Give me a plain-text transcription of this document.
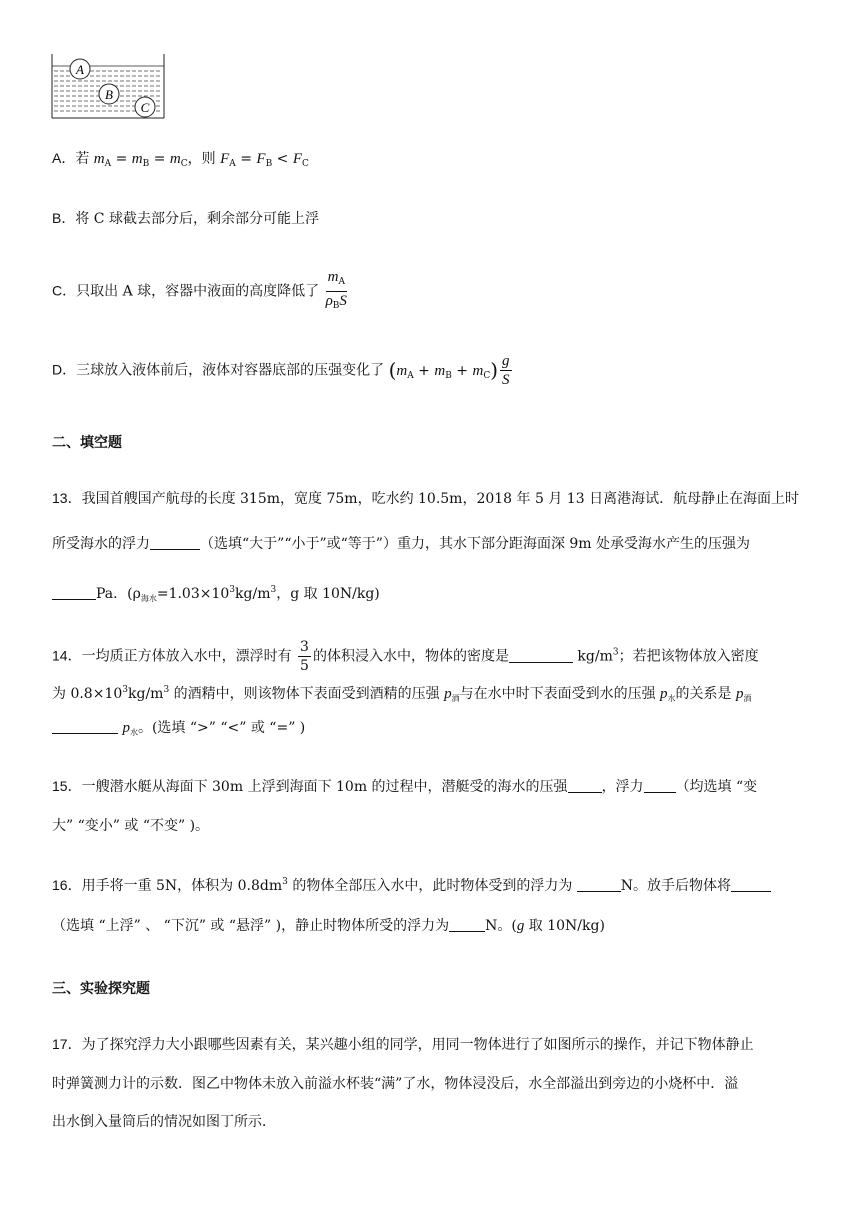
A
B
C
A．若 $m_A = m_B = m_C$，则 $F_A = F_B < F_C$
B．将 C 球截去部分后，剩余部分可能上浮
C．只取出 A 球，容器中液面的高度降低了 $\frac{m_A}{\rho_BS}$
D．三球放入液体前后，液体对容器底部的压强变化了 $(m_A + m_B + m_C) \frac{g}{S}$
二、填空题
13．我国首艘国产航母的长度 315m，宽度 75m，吃水约 10.5m，2018 年 5 月 13 日离港海试．航母静止在海面上时
所受海水的浮力	（选填“大于”“小于”或“等于”）重力，其水下部分距海面深 9m 处承受海水产生的压强为
Pa．($\rho_{海水}=1.03\times 10^3kg/m^3$，g 取 10N/kg)
14．一均质正方体放入水中，漂浮时有 $\frac{3}{5}$ 的体积浸入水中，物体的密度是	$kg/m^3$；若把该物体放入密度
为 $0.8\times 10^3kg/m^3$ 的酒精中，则该物体下表面受到酒精的压强 $p_酒$与在水中时下表面受到水的压强 $p_水$的关系是 $p_酒$
$p_水$。(选填 “>” “<” 或 “=” )
15．一艘潜水艇从海面下 30m 上浮到海面下 10m 的过程中，潜艇受的海水的压强 ，浮力 （均选填 “变
大” “变小” 或 “不变” )。
16．用手将一重 5N，体积为 $0.8dm^3$ 的物体全部压入水中，此时物体受到的浮力为	N。放手后物体将
（选填 “上浮” 、 “下沉” 或 “悬浮” )，静止时物体所受的浮力为	N。(g 取 10N/kg)
三、实验探究题
17．为了探究浮力大小跟哪些因素有关，某兴趣小组的同学，用同一物体进行了如图所示的操作，并记下物体静止
时弹簧测力计的示数．图乙中物体未放入前溢水杯装“满”了水，物体浸没后，水全部溢出到旁边的小烧杯中．溢
出水倒入量筒后的情况如图丁所示．
